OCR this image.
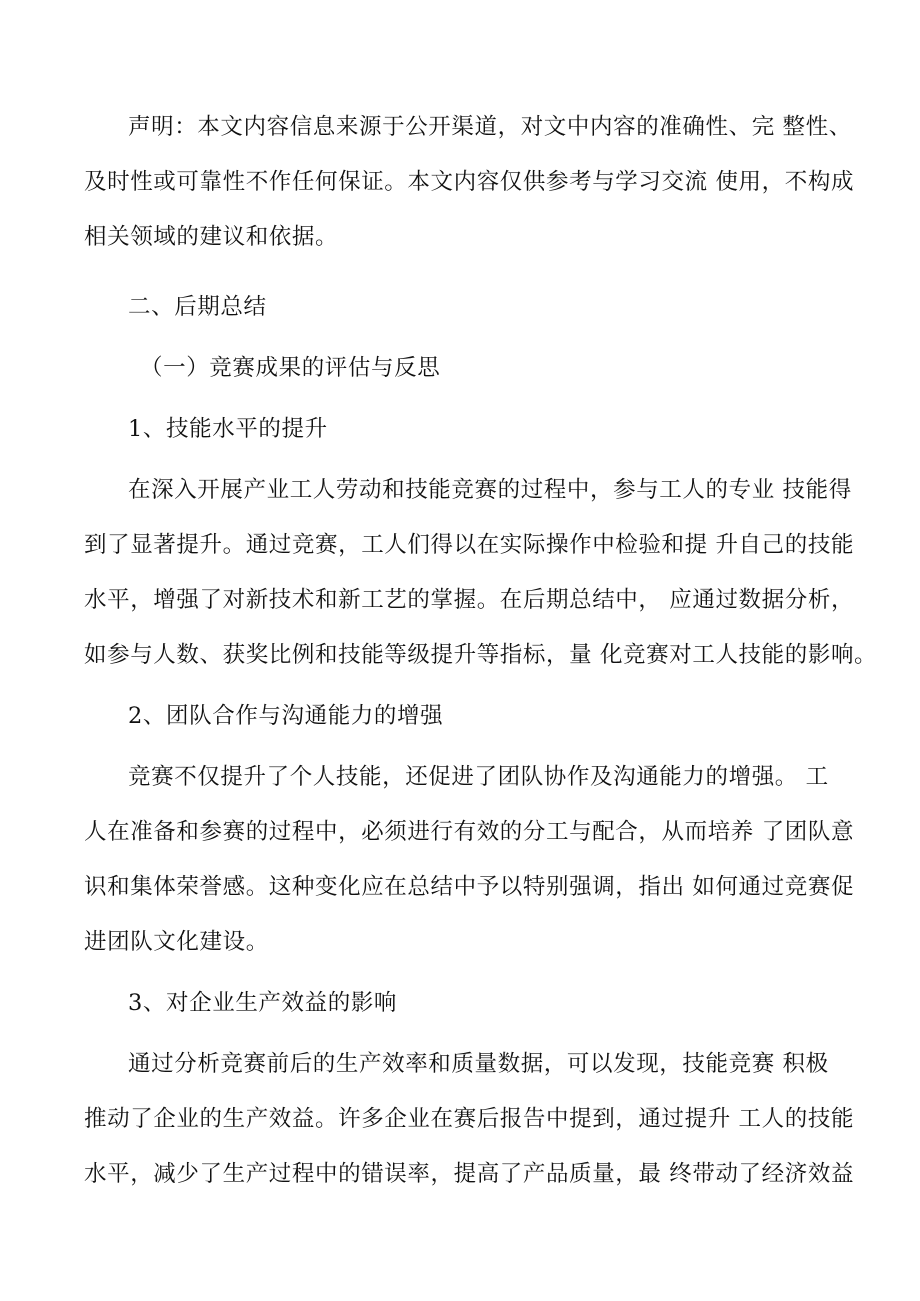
声明：本文内容信息来源于公开渠道，对文中内容的准确性、完 整性、
及时性或可靠性不作任何保证。本文内容仅供参考与学习交流 使用，不构成
相关领域的建议和依据。
二、后期总结
（一）竞赛成果的评估与反思
1、技能水平的提升
在深入开展产业工人劳动和技能竞赛的过程中，参与工人的专业 技能得
到了显著提升。通过竞赛，工人们得以在实际操作中检验和提 升自己的技能
水平，增强了对新技术和新工艺的掌握。在后期总结中， 应通过数据分析，
如参与人数、获奖比例和技能等级提升等指标，量 化竞赛对工人技能的影响。
2、团队合作与沟通能力的增强
竞赛不仅提升了个人技能，还促进了团队协作及沟通能力的增强。 工
人在准备和参赛的过程中，必须进行有效的分工与配合，从而培养 了团队意
识和集体荣誉感。这种变化应在总结中予以特别强调，指出 如何通过竞赛促
进团队文化建设。
3、对企业生产效益的影响
通过分析竞赛前后的生产效率和质量数据，可以发现，技能竞赛 积极
推动了企业的生产效益。许多企业在赛后报告中提到，通过提升 工人的技能
水平，减少了生产过程中的错误率，提高了产品质量，最 终带动了经济效益
